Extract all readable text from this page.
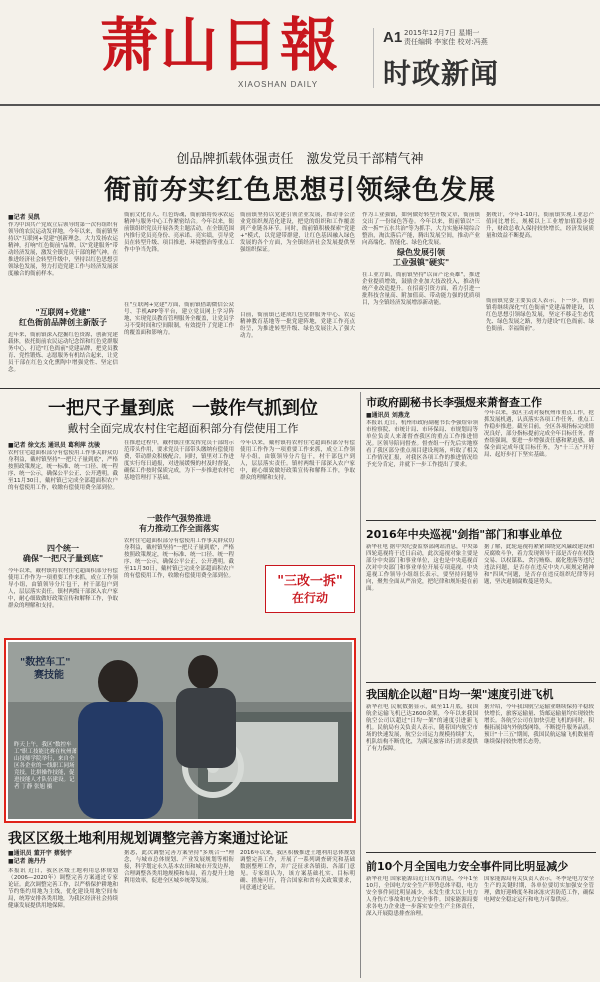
萧山日報
XIAOSHAN DAILY
A1 2015年12月7日 星期一
责任编辑 李家佳 校对:冯燕
时政新闻
创品牌抓载体强责任　激发党员干部精气神
衙前夯实红色思想引领绿色发展
■记者 吴凯
作为中国共产党成立后领导的第一次有组织有领导的农民运动发祥地，今年以来，衙前镇坚持以"互联网+党建"创新理念，大力发扬农运精神，打响"红色衙前"品牌，以"党建服务"带动经济发展，激发全镇党员干部的精气神。在推进经济社会转型升级中，坚持以红色思想引领绿色发展，努力打造党建工作与经济发展深度融合的衙前样本。
"互联网+党建"
红色衙前品牌创主新版子
近年来，衙前镇深入挖掘红色资源，创新党建载体，依托衙前农民运动纪念馆和红色党群服务中心，打造"红色衙前"党建品牌，把党员教育、党性锻炼、志愿服务有机结合起来，让党员干部在红色文化熏陶中增强党性、坚定信念。
衙前文化育人、红色铸魂，衙前镇将传承农运精神与服务中心工作紧密结合。今年以来，衙前镇组织党员开展各类主题活动，在全镇范围内推行党员亮身份、亮承诺、亮实绩，引导党员在转型升级、项目推进、环境整治等重点工作中争当先锋。
在"互联网+党建"方面，衙前镇借助微信公众号、手机APP等平台，建立党员网上学习阵地，实现党员教育管理服务全覆盖，让党员学习不受时间和空间限制，有效提升了党建工作的覆盖面和影响力。
衙前镇坚持以党建引领企业发展，推动非公企业党组织规范化建设，把党的组织和工作覆盖到产业链各环节。同时，衙前镇积极探索"党建+"模式，以党建带群建，让红色基因融入绿色发展的各个方面，为全镇经济社会发展提供坚强组织保证。
目前，衙前镇已建成红色党群服务中心、农运精神教育基地等一批党建阵地，党建工作亮点纷呈，为推进转型升级、绿色发展注入了强大动力。
作为工业强镇，如何做好转型升级文章，衙前镇交出了一份绿色答卷。今年以来，衙前镇以"三改一拆""五水共治"等为抓手，大力实施环境综合整治，淘汰落后产能，腾出发展空间，推动产业向高端化、智能化、绿色化发展。
绿色发展引领
工业强镇"硬实"
在工业方面，衙前镇坚持"以亩产论英雄"，推进企业提质增效，鼓励企业加大技改投入，推动传统产业改造提升。在招商引资方面，着力引进一批科技含量高、附加值高、带动能力强的优质项目，为全镇经济发展增添新动能。
据统计，今年1-10月，衙前镇实现工业总产值同比增长，规模以上工业增加值稳步提升，财政总收入保持较快增长，经济发展质量和效益不断提高。
衙前镇党委主要负责人表示，下一步，衙前镇将继续深化"红色衙前"党建品牌建设，以红色思想引领绿色发展，坚定不移走生态优先、绿色发展之路，努力建设"红色衙前、绿色衙前、幸福衙前"。
一把尺子量到底　一鼓作气抓到位
戴村全面完成农村住宅超面积部分有偿使用工作
■记者 徐文杰 通讯员 葛利萍 沈骏
农村住宅超面积部分有偿使用工作事关群众切身利益，戴村镇坚持"一把尺子量到底"，严格按照政策规定，统一标准、统一口径、统一程序、统一公示，确保公平公正、公开透明。截至11月30日，戴村镇已完成全部超面积农户的有偿使用工作，收缴有偿使用费全部到位。
四个统一
确保"一把尺子量到底"
今年以来，戴村镇将农村住宅超面积部分有偿使用工作作为一项重要工作来抓，成立工作领导小组，由镇领导分片包干，村干部包户到人，层层落实责任。镇村两级干部深入农户家中，耐心细致做好政策宣传和解释工作，争取群众的理解和支持。
在推进过程中，戴村镇注重发挥党员干部的示范带头作用，要求党员干部带头缴纳有偿使用费，带动群众积极配合。同时，镇里对工作进度实行每日通报，对进展缓慢的村及时督促，确保工作按时保质完成，为下一步推进农村宅基地管理打下基础。
一鼓作气强势推进
有力推动工作全面落实
农村住宅超面积部分有偿使用工作事关群众切身利益，戴村镇坚持"一把尺子量到底"，严格按照政策规定，统一标准、统一口径、统一程序、统一公示，确保公平公正、公开透明。截至11月30日，戴村镇已完成全部超面积农户的有偿使用工作，收缴有偿使用费全部到位。
今年以来，戴村镇将农村住宅超面积部分有偿使用工作作为一项重要工作来抓，成立工作领导小组，由镇领导分片包干，村干部包户到人，层层落实责任。镇村两级干部深入农户家中，耐心细致做好政策宣传和解释工作，争取群众的理解和支持。
"三改一拆"
在行动
"数控车工"
赛技能
昨天上午，我区"数控车工"职工技能比赛在杭州萧山技师学院举行，来自全区各企业的一线职工同场竞技，比拼操作技能，促进技能人才队伍建设。记者 丁静 张旭 摄
市政府副秘书长李强煜来萧督查工作
■通讯员 刘燕龙
本报讯 近日，杭州市政府副秘书长李强煜带领市检察院、市统计局、市环保局、市规划局等单位负责人来萧督查我区的重点工作推进情况。区领导陪同督查。督查组一行先后实地察看了我区部分重点项目建设现场，听取了相关工作情况汇报，对我区各项工作的推进情况给予充分肯定，并就下一步工作提出了要求。
今年以来，我区主动对接杭州市重点工作，抢抓发展机遇，认真落实各项工作任务，重点工作稳步推进。截至目前，全区各项指标完成情况良好，部分指标提前完成全年目标任务。督查组强调，要进一步增强责任感和紧迫感，确保全面完成年度目标任务，为"十三五"开好局、起好步打下坚实基础。
2016年中央巡视"剑指"部门和事业单位
新华社电 据中央纪委监察部网站消息，中央第四轮巡视将于近日启动，此次巡视对象主要是部分中央部门和事业单位，这也是中央巡视首次对中央部门和事业单位开展专项巡视。中央巡视工作领导小组组长表示，要坚持问题导向，聚焦全面从严治党，把纪律和规矩挺在前面。
据了解，此轮巡视将紧紧围绕党风廉政建设和反腐败斗争，着力发现领导干部是否存在权钱交易、以权谋私、贪污贿赂、腐化堕落等违纪违法问题，是否存在违反中央八项规定精神和"四风"问题，是否存在违反组织纪律等问题，坚决遏制腐败蔓延势头。
我国航企以超"日均一架"速度引进飞机
新华社电 民航数据显示，截至11月底，我国航企运输飞机已达2600余架，今年以来我国航空公司以超过"日均一架"的速度引进新飞机。民航局有关负责人表示，随着国内航空市场的快速发展，航空公司运力规模持续扩大，机队结构不断优化，为满足旅客出行需求提供了有力保障。
据介绍，今年我国航空运输业继续保持平稳较快增长，旅客运输量、货邮运输量均实现较快增长。各航空公司在加快引进飞机的同时，积极拓展国内外航线网络，不断提升服务品质。预计"十三五"期间，我国民航运输飞机数量将继续保持较快增长态势。
前10个月全国电力安全事件同比明显减少
新华社电 国家能源局近日发布消息，今年1至10月，全国电力安全生产形势总体平稳，电力安全事件同比明显减少，未发生重大以上电力人身伤亡事故和电力安全事件。国家能源局要求各电力企业进一步落实安全生产主体责任，深入开展隐患排查治理。
国家能源局有关负责人表示，冬季是电力安全生产的关键时期，各单位要切实加强安全管理，做好迎峰度冬和冰冻灾害防范工作，确保电网安全稳定运行和电力可靠供应。
我区区级土地利用规划调整完善方案通过论证
■通讯员 董开宇 蔡悦宇
■记者 施丹丹
本报讯 近日，我区区级土地利用总体规划（2006—2020年）调整完善方案通过专家论证。此次调整完善工作，以严格保护耕地和节约集约用地为主线，优化建设用地空间布局，统筹安排各类用地，为我区经济社会持续健康发展提供用地保障。
据悉，此次调整完善方案坚持"多规合一"理念，与城市总体规划、产业发展规划等相衔接，科学划定永久基本农田和城市开发边界，合理调整各类用地规模和布局，着力提升土地利用效率，促进全区城乡统筹发展。
2016年以来，我区积极推进土地利用总体规划调整完善工作，开展了一系列调查研究和基础数据整理工作，并广泛征求各镇街、各部门意见。专家组认为，该方案基础扎实、目标明确、措施可行，符合国家和省有关政策要求，同意通过论证。
